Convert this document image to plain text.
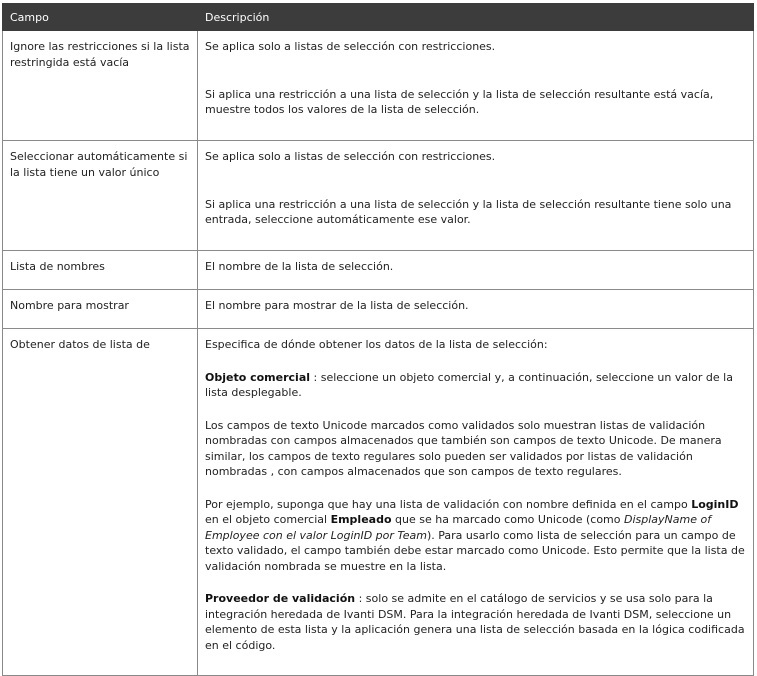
Campo	Descripción
Ignore las restricciones si la lista restringida está vacía	Se aplica solo a listas de selección con restricciones.

Si aplica una restricción a una lista de selección y la lista de selección resultante está vacía, muestre todos los valores de la lista de selección.

Seleccionar automáticamente si la lista tiene un valor único	Se aplica solo a listas de selección con restricciones.

Si aplica una restricción a una lista de selección y la lista de selección resultante tiene solo una entrada, seleccione automáticamente ese valor.

Lista de nombres	El nombre de la lista de selección.

Nombre para mostrar	El nombre para mostrar de la lista de selección.

Obtener datos de lista de	Especifica de dónde obtener los datos de la lista de selección:

Objeto comercial : seleccione un objeto comercial y, a continuación, seleccione un valor de la lista desplegable.

Los campos de texto Unicode marcados como validados solo muestran listas de validación nombradas con campos almacenados que también son campos de texto Unicode. De manera similar, los campos de texto regulares solo pueden ser validados por listas de validación nombradas , con campos almacenados que son campos de texto regulares.

Por ejemplo, suponga que hay una lista de validación con nombre definida en el campo LoginID en el objeto comercial Empleado que se ha marcado como Unicode (como DisplayName of Employee con el valor LoginID por Team). Para usarlo como lista de selección para un campo de texto validado, el campo también debe estar marcado como Unicode. Esto permite que la lista de validación nombrada se muestre en la lista.

Proveedor de validación : solo se admite en el catálogo de servicios y se usa solo para la integración heredada de Ivanti DSM. Para la integración heredada de Ivanti DSM, seleccione un elemento de esta lista y la aplicación genera una lista de selección basada en la lógica codificada en el código.
